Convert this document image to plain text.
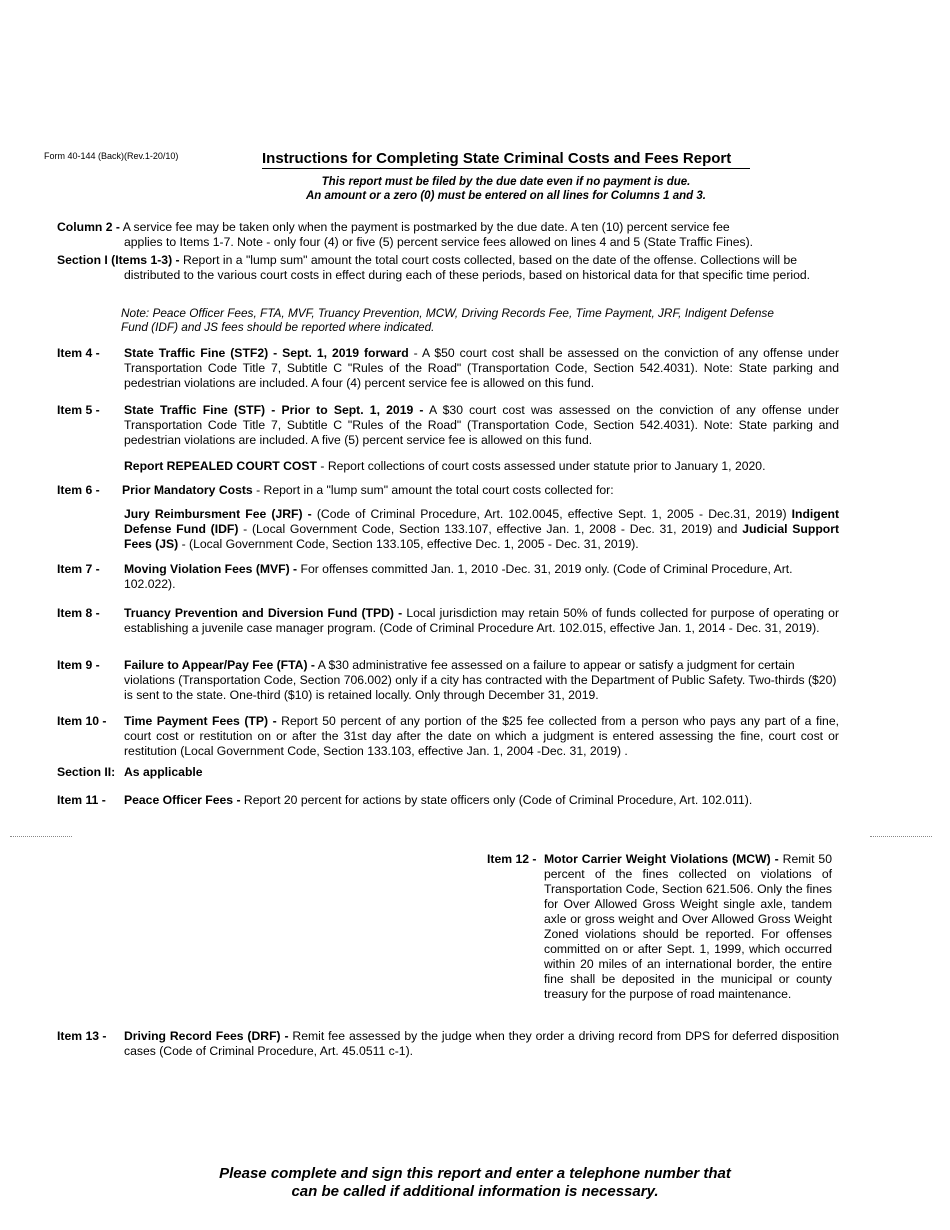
Form 40-144 (Back)(Rev.1-20/10)	Instructions for Completing State Criminal Costs and Fees Report
This report must be filed by the due date even if no payment is due.
An amount or a zero (0) must be entered on all lines for Columns 1 and 3.
Column 2 - A service fee may be taken only when the payment is postmarked by the due date. A ten (10) percent service fee
applies to Items 1-7. Note - only four (4) or five (5) percent service fees allowed on lines 4 and 5 (State Traffic Fines).
Section I (Items 1-3) - Report in a "lump sum" amount the total court costs collected, based on the date of the offense. Collections will be
distributed to the various court costs in effect during each of these periods, based on historical data for that specific time period.
Note: Peace Officer Fees, FTA, MVF, Truancy Prevention, MCW, Driving Records Fee, Time Payment, JRF, Indigent Defense Fund (IDF) and JS fees should be reported where indicated.
Item 4 - State Traffic Fine (STF2) - Sept. 1, 2019 forward - A $50 court cost shall be assessed on the conviction of any offense under Transportation Code Title 7, Subtitle C "Rules of the Road" (Transportation Code, Section 542.4031). Note: State parking and pedestrian violations are included. A four (4) percent service fee is allowed on this fund.
Item 5 - State Traffic Fine (STF) - Prior to Sept. 1, 2019 - A $30 court cost was assessed on the conviction of any offense under Transportation Code Title 7, Subtitle C "Rules of the Road" (Transportation Code, Section 542.4031). Note: State parking and pedestrian violations are included. A five (5) percent service fee is allowed on this fund.
Report REPEALED COURT COST - Report collections of court costs assessed under statute prior to January 1, 2020.
Item 6 - Prior Mandatory Costs - Report in a "lump sum" amount the total court costs collected for:
Jury Reimbursment Fee (JRF) - (Code of Criminal Procedure, Art. 102.0045, effective Sept. 1, 2005 - Dec.31, 2019) Indigent Defense Fund (IDF) - (Local Government Code, Section 133.107, effective Jan. 1, 2008 - Dec. 31, 2019) and Judicial Support Fees (JS) - (Local Government Code, Section 133.105, effective Dec. 1, 2005 - Dec. 31, 2019).
Item 7 - Moving Violation Fees (MVF) - For offenses committed Jan. 1, 2010 -Dec. 31, 2019 only. (Code of Criminal Procedure, Art. 102.022).
Item 8 - Truancy Prevention and Diversion Fund (TPD) - Local jurisdiction may retain 50% of funds collected for purpose of operating or establishing a juvenile case manager program. (Code of Criminal Procedure Art. 102.015, effective Jan. 1, 2014 - Dec. 31, 2019).
Item 9 - Failure to Appear/Pay Fee (FTA) - A $30 administrative fee assessed on a failure to appear or satisfy a judgment for certain violations (Transportation Code, Section 706.002) only if a city has contracted with the Department of Public Safety. Two-thirds ($20) is sent to the state. One-third ($10) is retained locally. Only through December 31, 2019.
Item 10 - Time Payment Fees (TP) - Report 50 percent of any portion of the $25 fee collected from a person who pays any part of a fine, court cost or restitution on or after the 31st day after the date on which a judgment is entered assessing the fine, court cost or restitution (Local Government Code, Section 133.103, effective Jan. 1, 2004 -Dec. 31, 2019) .
Section II: As applicable
Item 11 - Peace Officer Fees - Report 20 percent for actions by state officers only (Code of Criminal Procedure, Art. 102.011).
Item 12 - Motor Carrier Weight Violations (MCW) - Remit 50 percent of the fines collected on violations of Transportation Code, Section 621.506. Only the fines for Over Allowed Gross Weight single axle, tandem axle or gross weight and Over Allowed Gross Weight Zoned violations should be reported. For offenses committed on or after Sept. 1, 1999, which occurred within 20 miles of an international border, the entire fine shall be deposited in the municipal or county treasury for the purpose of road maintenance.
Item 13 - Driving Record Fees (DRF) - Remit fee assessed by the judge when they order a driving record from DPS for deferred disposition cases (Code of Criminal Procedure, Art. 45.0511 c-1).
Please complete and sign this report and enter a telephone number that
can be called if additional information is necessary.
